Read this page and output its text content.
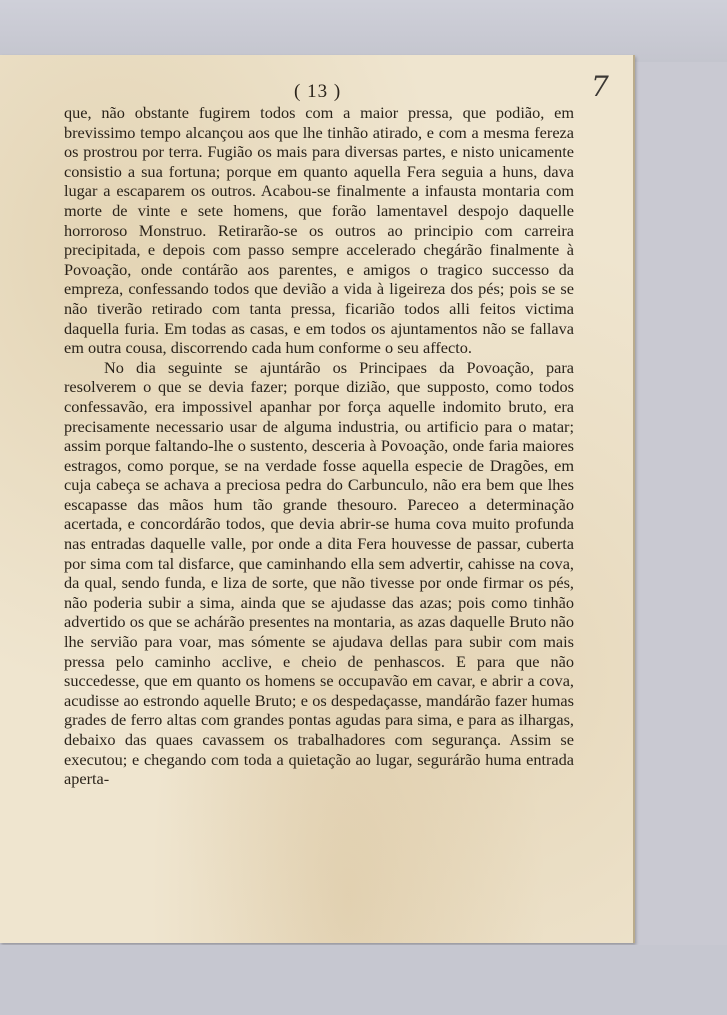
( 13 )
que, não obstante fugirem todos com a maior pressa, que podião, em brevissimo tempo alcançou aos que lhe tinhão atirado, e com a mesma fereza os prostrou por terra. Fugião os mais para diversas partes, e nisto unicamente consistio a sua fortuna; porque em quanto aquella Fera seguia a huns, dava lugar a escaparem os outros. Acabou-se finalmente a infausta montaria com morte de vinte e sete homens, que forão lamentavel despojo daquelle horroroso Monstruo. Retirarão-se os outros ao principio com carreira precipitada, e depois com passo sempre accelerado chegárão finalmente à Povoação, onde contárão aos parentes, e amigos o tragico successo da empreza, confessando todos que devião a vida à ligeireza dos pés; pois se se não tiverão retirado com tanta pressa, ficarião todos alli feitos victima daquella furia. Em todas as casas, e em todos os ajuntamentos não se fallava em outra cousa, discorrendo cada hum conforme o seu affecto.
No dia seguinte se ajuntárão os Principaes da Povoação, para resolverem o que se devia fazer; porque dizião, que supposto, como todos confessavão, era impossivel apanhar por força aquelle indomito bruto, era precisamente necessario usar de alguma industria, ou artificio para o matar; assim porque faltando-lhe o sustento, desceria à Povoação, onde faria maiores estragos, como porque, se na verdade fosse aquella especie de Dragões, em cuja cabeça se achava a preciosa pedra do Carbunculo, não era bem que lhes escapasse das mãos hum tão grande thesouro. Pareceo a determinação acertada, e concordárão todos, que devia abrir-se huma cova muito profunda nas entradas daquelle valle, por onde a dita Fera houvesse de passar, cuberta por sima com tal disfarce, que caminhando ella sem advertir, cahisse na cova, da qual, sendo funda, e liza de sorte, que não tivesse por onde firmar os pés, não poderia subir a sima, ainda que se ajudasse das azas; pois como tinhão advertido os que se achárão presentes na montaria, as azas daquelle Bruto não lhe servião para voar, mas sómente se ajudava dellas para subir com mais pressa pelo caminho acclive, e cheio de penhascos. E para que não succedesse, que em quanto os homens se occupavão em cavar, e abrir a cova, acudisse ao estrondo aquelle Bruto; e os despedaçasse, mandárão fazer humas grades de ferro altas com grandes pontas agudas para sima, e para as ilhargas, debaixo das quaes cavassem os trabalhadores com segurança. Assim se executou; e chegando com toda a quietação ao lugar, segurárão huma entrada aperta-
7
